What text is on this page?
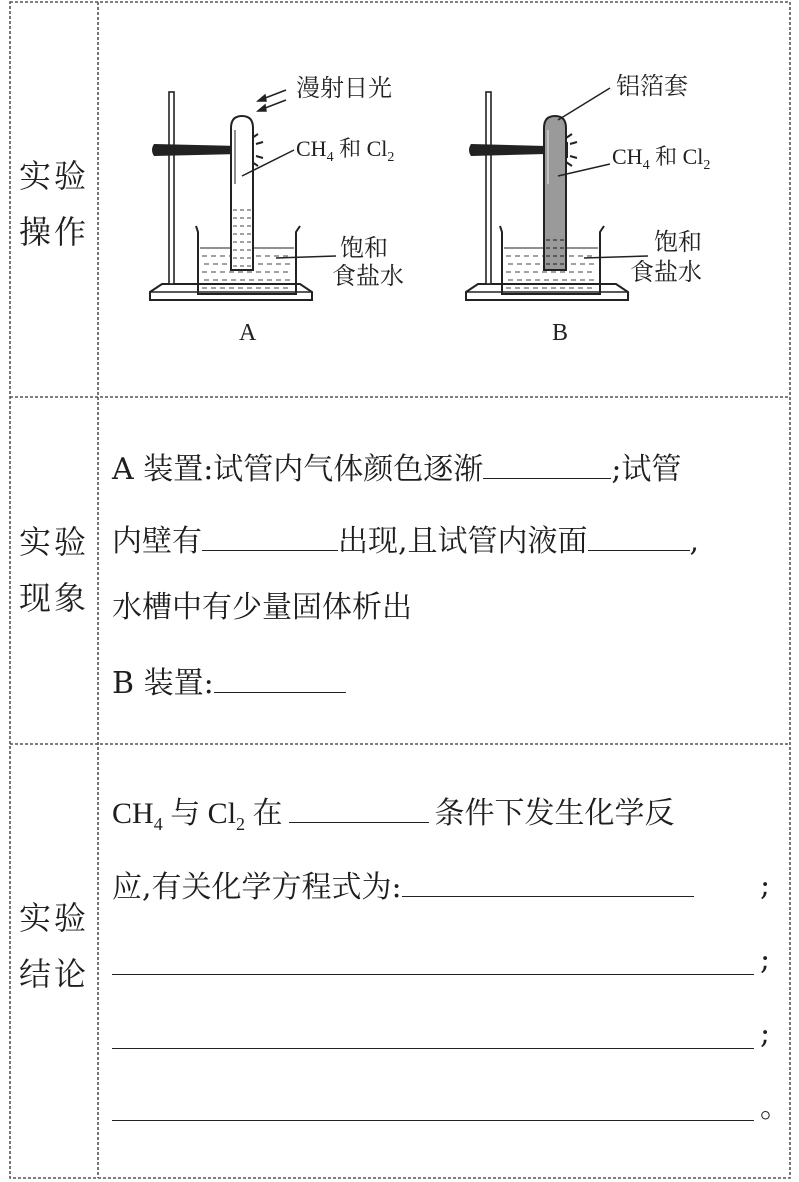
实验
操作
漫射日光
$CH_4$ 和 $Cl_2$
饱和
食盐水
A
铝箔套
$CH_4$ 和 $Cl_2$
饱和
食盐水
B
实验
现象
A 装置:试管内气体颜色逐渐	;试管
内壁有	出现,且试管内液面	,
水槽中有少量固体析出
B 装置:
实验
结论
$CH_4$ 与 $Cl_2$ 在	条件下发生化学反
应,有关化学方程式为:	;
;
;
。
